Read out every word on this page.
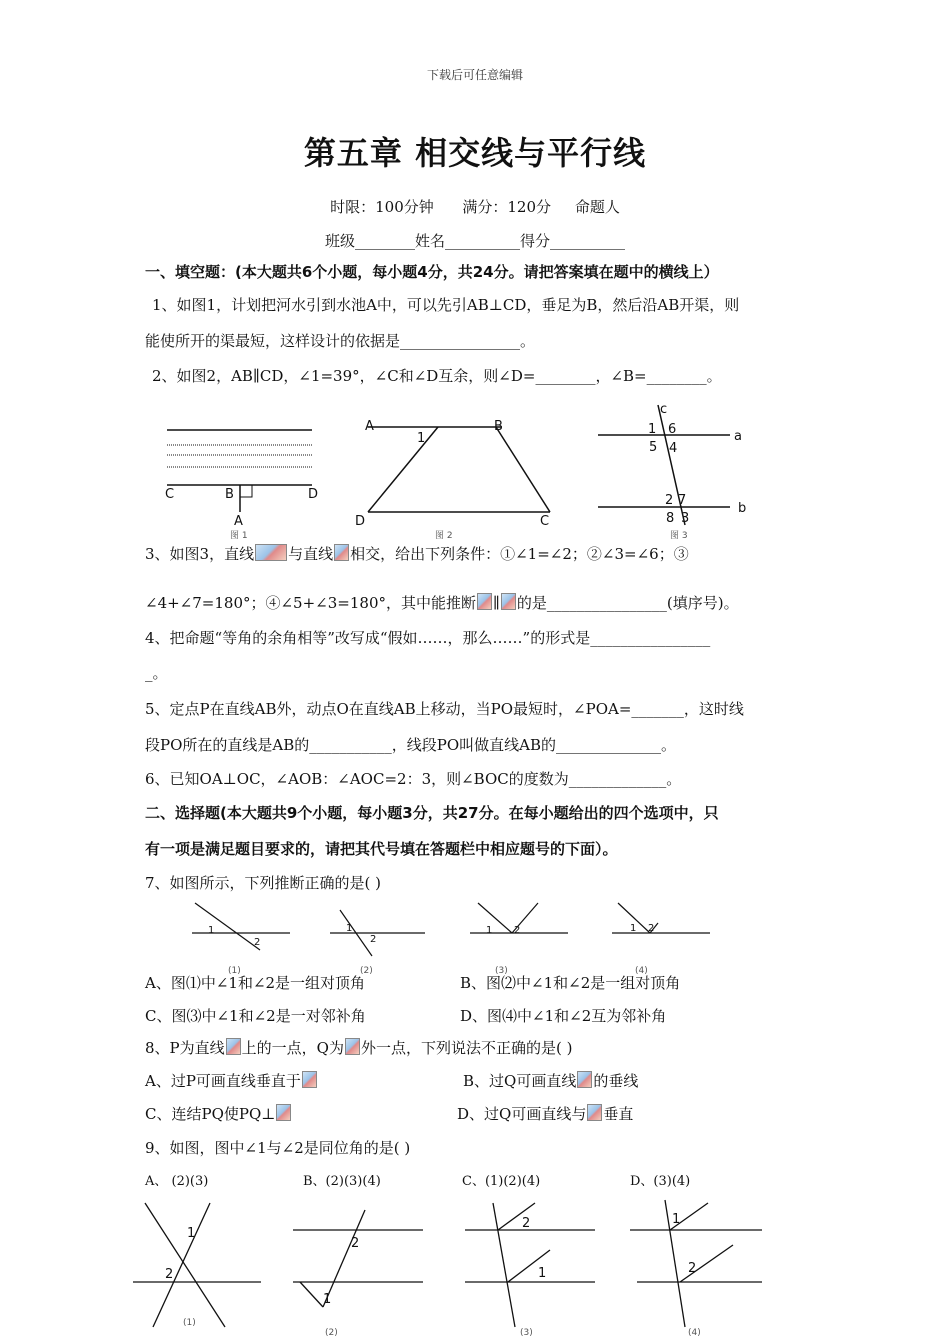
下载后可任意编辑
第五章 相交线与平行线
时限：100分钟      满分：120分     命题人
班级________姓名__________得分__________
一、填空题：(本大题共6个小题，每小题4分，共24分。请把答案填在题中的横线上）
1、如图1，计划把河水引到水池A中，可以先引AB⊥CD，垂足为B，然后沿AB开渠，则
能使所开的渠最短，这样设计的依据是________________。
2、如图2，AB∥CD，∠1=39°，∠C和∠D互余，则∠D=________，∠B=________。
C	B	D
A
图 1
A	B
1
D	C
图 2
c
a
b
1 6
5 4
2 7
8 3
图 3
3、如图3，直线 与直线 相交，给出下列条件：①∠1=∠2；②∠3=∠6；③
∠4+∠7=180°；④∠5+∠3=180°，其中能推断 ∥ 的是________________(填序号)。
4、把命题“等角的余角相等”改写成“假如……，那么……”的形式是________________
_。
5、定点P在直线AB外，动点O在直线AB上移动，当PO最短时，∠POA=_______，这时线
段PO所在的直线是AB的___________，线段PO叫做直线AB的______________。
6、已知OA⊥OC，∠AOB：∠AOC=2：3，则∠BOC的度数为_____________。
二、选择题(本大题共9个小题，每小题3分，共27分。在每小题给出的四个选项中，只
有一项是满足题目要求的，请把其代号填在答题栏中相应题号的下面）。
7、如图所示，下列推断正确的是( )
1
2
(1)
1
2
(2)
1 2
(3)
1 2
(4)
A、图⑴中∠1和∠2是一组对顶角	B、图⑵中∠1和∠2是一组对顶角
C、图⑶中∠1和∠2是一对邻补角	D、图⑷中∠1和∠2互为邻补角
8、P为直线 上的一点，Q为 外一点，下列说法不正确的是( )
A、过P可画直线垂直于	B、过Q可画直线 的垂线
C、连结PQ使PQ⊥	D、过Q可画直线与 垂直
9、如图，图中∠1与∠2是同位角的是( )
A、 (2)(3)	B、(2)(3)(4)	C、(1)(2)(4)	D、(3)(4)
1
2
(1)
1
2
(2)
1
2
(3)
1
2
(4)
